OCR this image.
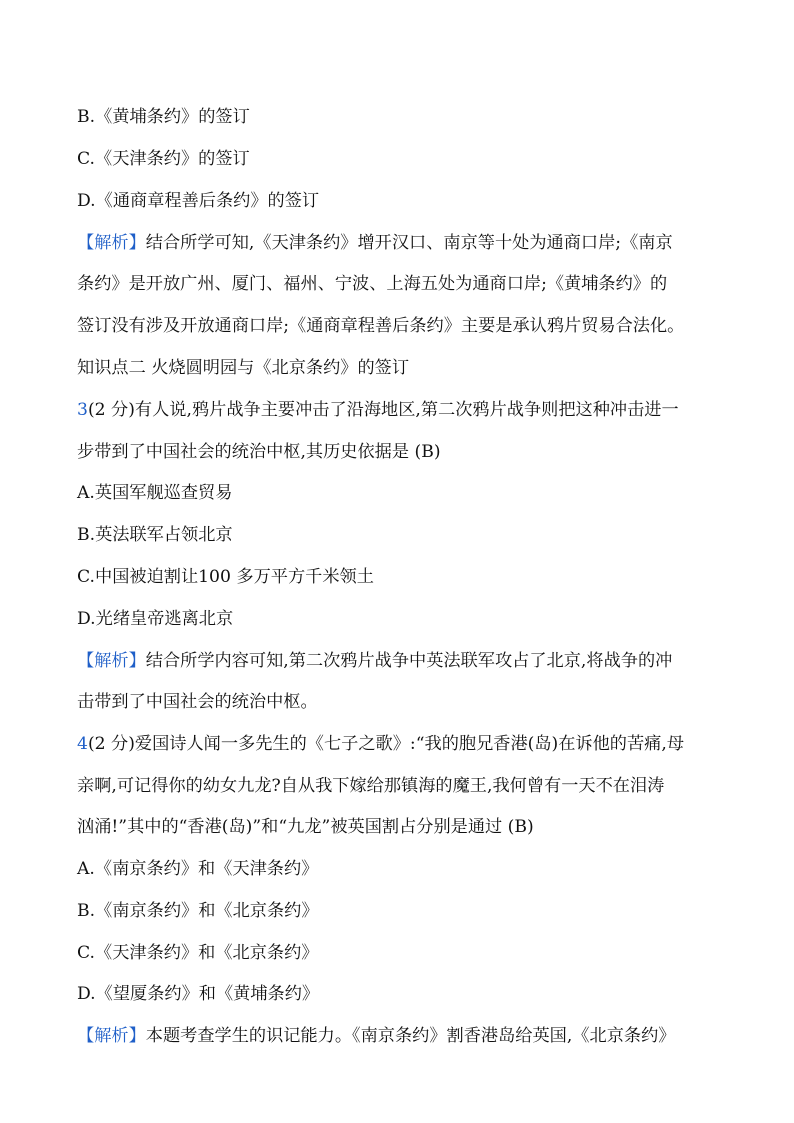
B.《黄埔条约》的签订
C.《天津条约》的签订
D.《通商章程善后条约》的签订
【解析】结合所学可知,《天津条约》增开汉口、南京等十处为通商口岸;《南京
条约》是开放广州、厦门、福州、宁波、上海五处为通商口岸;《黄埔条约》的
签订没有涉及开放通商口岸;《通商章程善后条约》主要是承认鸦片贸易合法化。
知识点二 火烧圆明园与《北京条约》的签订
3(2 分)有人说,鸦片战争主要冲击了沿海地区,第二次鸦片战争则把这种冲击进一
步带到了中国社会的统治中枢,其历史依据是 (B)
A.英国军舰巡查贸易
B.英法联军占领北京
C.中国被迫割让100 多万平方千米领土
D.光绪皇帝逃离北京
【解析】结合所学内容可知,第二次鸦片战争中英法联军攻占了北京,将战争的冲
击带到了中国社会的统治中枢。
4(2 分)爱国诗人闻一多先生的《七子之歌》:“我的胞兄香港(岛)在诉他的苦痛,母
亲啊,可记得你的幼女九龙?自从我下嫁给那镇海的魔王,我何曾有一天不在泪涛
汹涌!”其中的“香港(岛)”和“九龙”被英国割占分别是通过 (B)
A.《南京条约》和《天津条约》
B.《南京条约》和《北京条约》
C.《天津条约》和《北京条约》
D.《望厦条约》和《黄埔条约》
【解析】本题考查学生的识记能力。《南京条约》割香港岛给英国,《北京条约》
